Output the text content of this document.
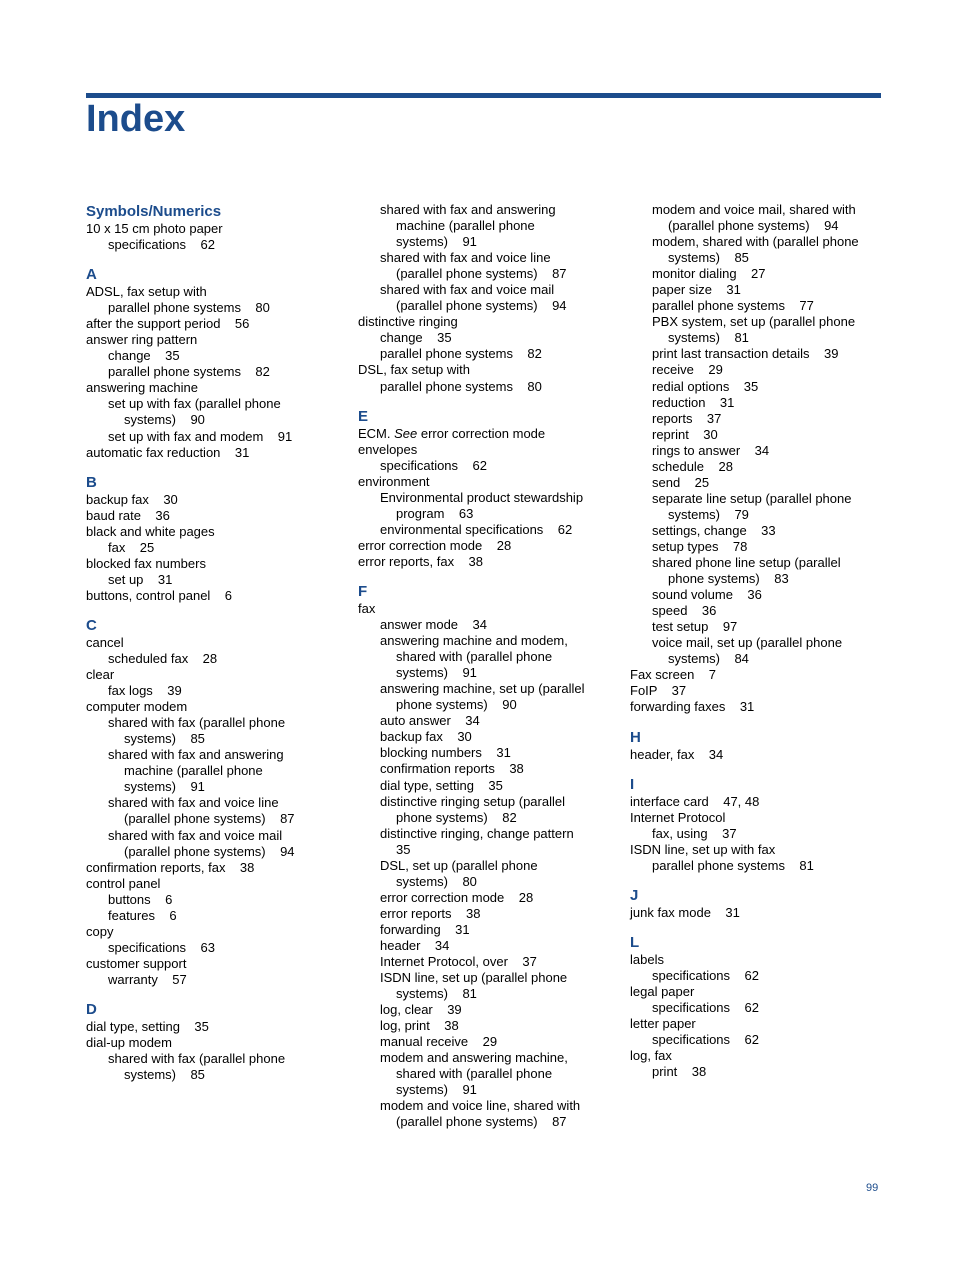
Index
Symbols/Numerics
10 x 15 cm photo paper
specifications    62
A
ADSL, fax setup with
parallel phone systems    80
after the support period    56
answer ring pattern
change    35
parallel phone systems    82
answering machine
set up with fax (parallel phone
systems)    90
set up with fax and modem    91
automatic fax reduction    31
B
backup fax    30
baud rate    36
black and white pages
fax    25
blocked fax numbers
set up    31
buttons, control panel    6
C
cancel
scheduled fax    28
clear
fax logs    39
computer modem
shared with fax (parallel phone
systems)    85
shared with fax and answering
machine (parallel phone
systems)    91
shared with fax and voice line
(parallel phone systems)    87
shared with fax and voice mail
(parallel phone systems)    94
confirmation reports, fax    38
control panel
buttons    6
features    6
copy
specifications    63
customer support
warranty    57
D
dial type, setting    35
dial-up modem
shared with fax (parallel phone
systems)    85
shared with fax and answering
machine (parallel phone
systems)    91
shared with fax and voice line
(parallel phone systems)    87
shared with fax and voice mail
(parallel phone systems)    94
distinctive ringing
change    35
parallel phone systems    82
DSL, fax setup with
parallel phone systems    80
E
ECM. See error correction mode
envelopes
specifications    62
environment
Environmental product stewardship
program    63
environmental specifications    62
error correction mode    28
error reports, fax    38
F
fax
answer mode    34
answering machine and modem,
shared with (parallel phone
systems)    91
answering machine, set up (parallel
phone systems)    90
auto answer    34
backup fax    30
blocking numbers    31
confirmation reports    38
dial type, setting    35
distinctive ringing setup (parallel
phone systems)    82
distinctive ringing, change pattern
35
DSL, set up (parallel phone
systems)    80
error correction mode    28
error reports    38
forwarding    31
header    34
Internet Protocol, over    37
ISDN line, set up (parallel phone
systems)    81
log, clear    39
log, print    38
manual receive    29
modem and answering machine,
shared with (parallel phone
systems)    91
modem and voice line, shared with
(parallel phone systems)    87
modem and voice mail, shared with
(parallel phone systems)    94
modem, shared with (parallel phone
systems)    85
monitor dialing    27
paper size    31
parallel phone systems    77
PBX system, set up (parallel phone
systems)    81
print last transaction details    39
receive    29
redial options    35
reduction    31
reports    37
reprint    30
rings to answer    34
schedule    28
send    25
separate line setup (parallel phone
systems)    79
settings, change    33
setup types    78
shared phone line setup (parallel
phone systems)    83
sound volume    36
speed    36
test setup    97
voice mail, set up (parallel phone
systems)    84
Fax screen    7
FoIP    37
forwarding faxes    31
H
header, fax    34
I
interface card    47, 48
Internet Protocol
fax, using    37
ISDN line, set up with fax
parallel phone systems    81
J
junk fax mode    31
L
labels
specifications    62
legal paper
specifications    62
letter paper
specifications    62
log, fax
print    38
99
